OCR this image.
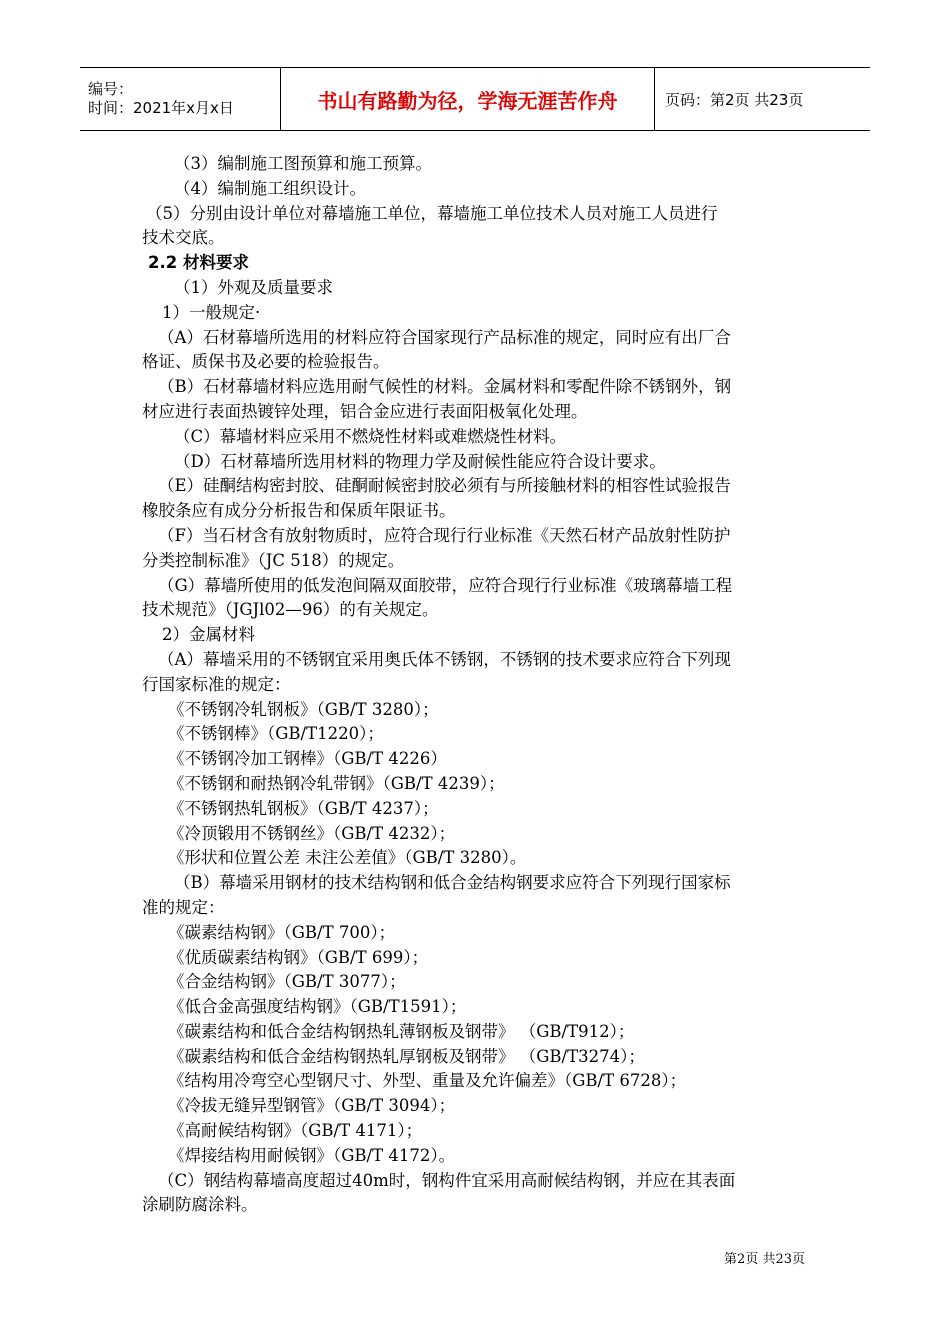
编号：
时间：2021年x月x日	书山有路勤为径，学海无涯苦作舟	页码：第2页 共23页

（3）编制施工图预算和施工预算。

（4）编制施工组织设计。

（5）分别由设计单位对幕墙施工单位，幕墙施工单位技术人员对施工人员进行

技术交底。

2.2 材料要求

（1）外观及质量要求

1）一般规定·

（A）石材幕墙所选用的材料应符合国家现行产品标准的规定，同时应有出厂合

格证、质保书及必要的检验报告。

（B）石材幕墙材料应选用耐气候性的材料。金属材料和零配件除不锈钢外，钢

材应进行表面热镀锌处理，铝合金应进行表面阳极氧化处理。

（C）幕墙材料应采用不燃烧性材料或难燃烧性材料。

（D）石材幕墙所选用材料的物理力学及耐候性能应符合设计要求。

（E）硅酮结构密封胶、硅酮耐候密封胶必须有与所接触材料的相容性试验报告

橡胶条应有成分分析报告和保质年限证书。

（F）当石材含有放射物质时，应符合现行行业标准《天然石材产品放射性防护

分类控制标准》（JC 518）的规定。

（G）幕墙所使用的低发泡间隔双面胶带，应符合现行行业标准《玻璃幕墙工程

技术规范》（JGJl02—96）的有关规定。

2）金属材料

（A）幕墙采用的不锈钢宜采用奥氏体不锈钢，不锈钢的技术要求应符合下列现

行国家标准的规定：

《不锈钢冷轧钢板》（GB/T 3280）；

《不锈钢棒》（GB/T1220）；

《不锈钢冷加工钢棒》（GB/T 4226）

《不锈钢和耐热钢冷轧带钢》（GB/T 4239）；

《不锈钢热轧钢板》（GB/T 4237）；

《冷顶锻用不锈钢丝》（GB/T 4232）；

《形状和位置公差 未注公差值》（GB/T 3280）。

（B）幕墙采用钢材的技术结构钢和低合金结构钢要求应符合下列现行国家标

准的规定：

《碳素结构钢》（GB/T 700）；

《优质碳素结构钢》（GB/T 699）；

《合金结构钢》（GB/T 3077）；

《低合金高强度结构钢》（GB/T1591）；

《碳素结构和低合金结构钢热轧薄钢板及钢带》 （GB/T912）；

《碳素结构和低合金结构钢热轧厚钢板及钢带》 （GB/T3274）；

《结构用冷弯空心型钢尺寸、外型、重量及允许偏差》（GB/T 6728）；

《冷拔无缝异型钢管》（GB/T 3094）；

《高耐候结构钢》（GB/T 4171）；

《焊接结构用耐候钢》（GB/T 4172）。

（C）钢结构幕墙高度超过40m时，钢构件宜采用高耐候结构钢，并应在其表面

涂刷防腐涂料。

第2页 共23页
